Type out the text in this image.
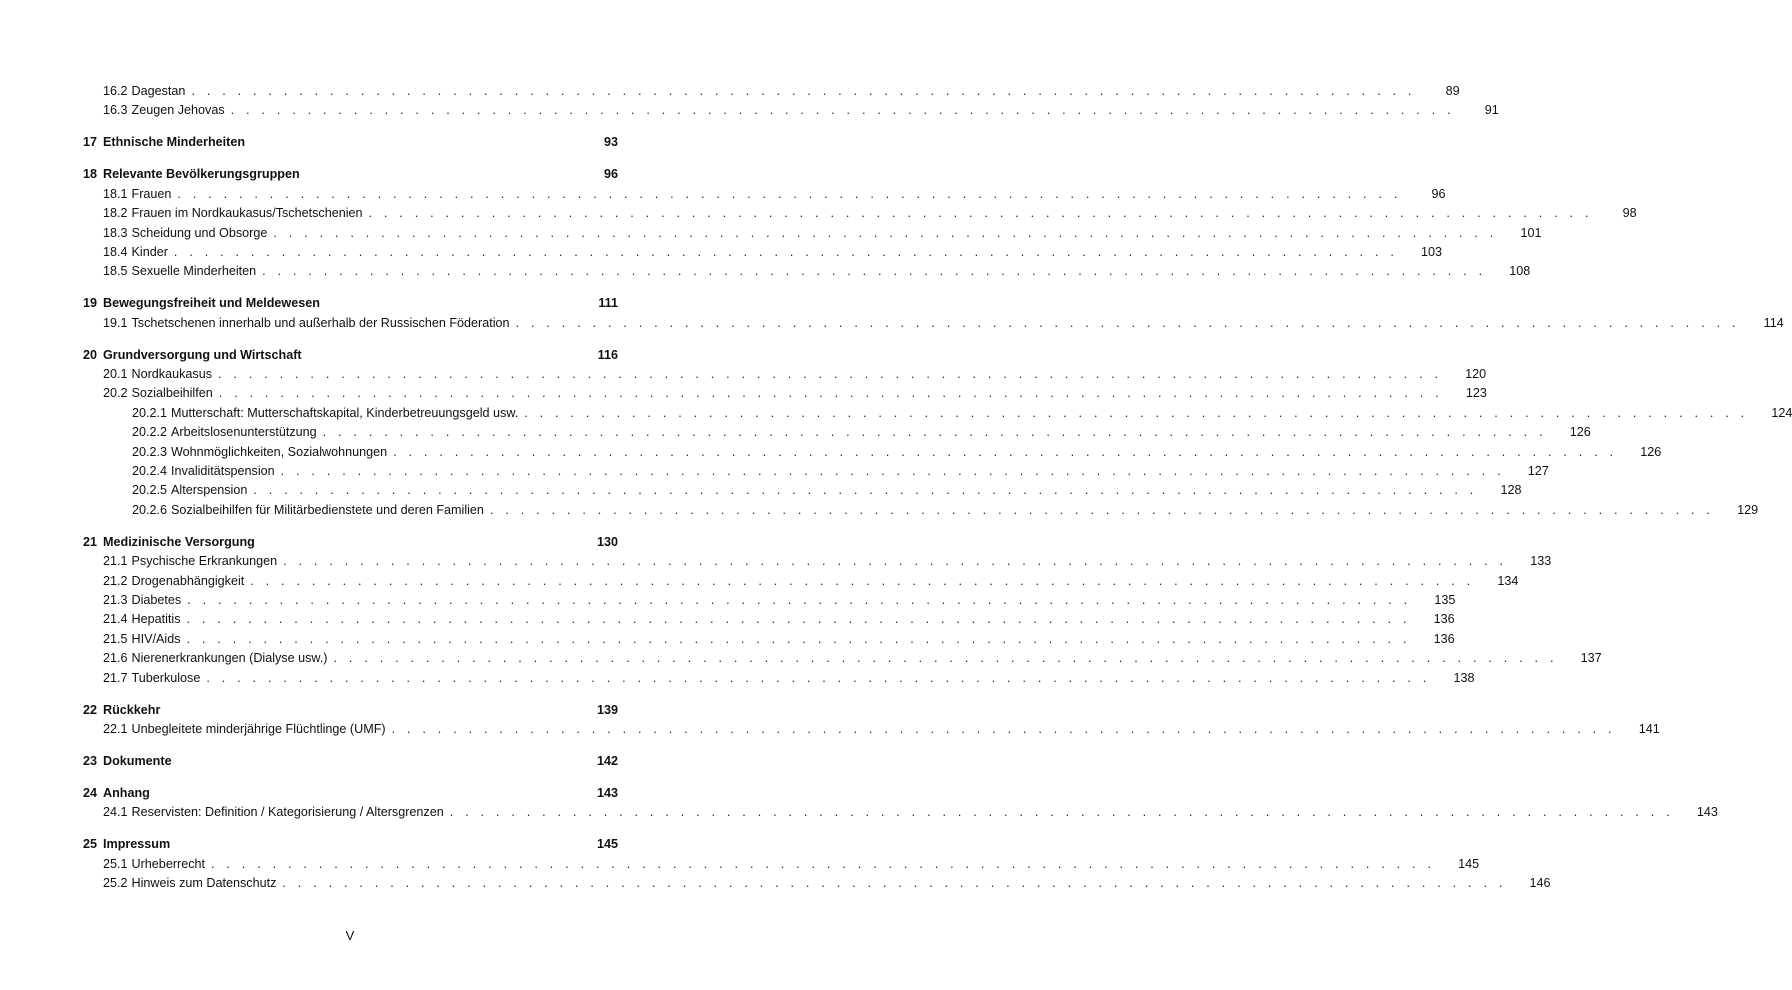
16.2 Dagestan . . . . . . . . . . . . . . . . . . . . . . . . . . . . . . . . . . . . . . . . . . . . . . . . . . . . . . . . . . . . . . . . . . . . . . . . . . . . . . . .	89
16.3 Zeugen Jehovas . . . . . . . . . . . . . . . . . . . . . . . . . . . . . . . . . . . . . . . . . . . . . . . . . . . . . . . . . . . . . . . . . . . . . . . . . . . . . . . .	91
17 Ethnische Minderheiten	93
18 Relevante Bevölkerungsgruppen	96
18.1 Frauen . . . . . . . . . . . . . . . . . . . . . . . . . . . . . . . . . . . . . . . . . . . . . . . . . . . . . . . . . . . . . . . . . . . . . . . . . . . . . . . .	96
18.2 Frauen im Nordkaukasus/Tschetschenien . . . . . . . . . . . . . . . . . . . . . . . . . . . . . . . . . . . . . . . . . . . . . . . . . . . . . . . . . . . . . . . . . . . . . . . . . . . . . . . .	98
18.3 Scheidung und Obsorge . . . . . . . . . . . . . . . . . . . . . . . . . . . . . . . . . . . . . . . . . . . . . . . . . . . . . . . . . . . . . . . . . . . . . . . . . . . . . . . .	101
18.4 Kinder . . . . . . . . . . . . . . . . . . . . . . . . . . . . . . . . . . . . . . . . . . . . . . . . . . . . . . . . . . . . . . . . . . . . . . . . . . . . . . . .	103
18.5 Sexuelle Minderheiten . . . . . . . . . . . . . . . . . . . . . . . . . . . . . . . . . . . . . . . . . . . . . . . . . . . . . . . . . . . . . . . . . . . . . . . . . . . . . . . .	108
19 Bewegungsfreiheit und Meldewesen	111
19.1 Tschetschenen innerhalb und außerhalb der Russischen Föderation . . . . . . . . . . . . . . . . . . . . . . . . . . . . . . . . . . . . . . . . . . . . . . . . . . . . . . . . . . . . . . . . . . . . . . . . . . . . . . . .	114
20 Grundversorgung und Wirtschaft	116
20.1 Nordkaukasus . . . . . . . . . . . . . . . . . . . . . . . . . . . . . . . . . . . . . . . . . . . . . . . . . . . . . . . . . . . . . . . . . . . . . . . . . . . . . . . .	120
20.2 Sozialbeihilfen . . . . . . . . . . . . . . . . . . . . . . . . . . . . . . . . . . . . . . . . . . . . . . . . . . . . . . . . . . . . . . . . . . . . . . . . . . . . . . . .	123
20.2.1 Mutterschaft: Mutterschaftskapital, Kinderbetreuungsgeld usw. . . . . . . . . . . . . . . . . . . . . . . . . . . . . . . . . . . . . . . . . . . . . . . . . . . . . . . . . . . . . . . . . . . . . . . . . . . . . . . . .	124
20.2.2 Arbeitslosenunterstützung . . . . . . . . . . . . . . . . . . . . . . . . . . . . . . . . . . . . . . . . . . . . . . . . . . . . . . . . . . . . . . . . . . . . . . . . . . . . . . . .	126
20.2.3 Wohnmöglichkeiten, Sozialwohnungen . . . . . . . . . . . . . . . . . . . . . . . . . . . . . . . . . . . . . . . . . . . . . . . . . . . . . . . . . . . . . . . . . . . . . . . . . . . . . . . .	126
20.2.4 Invaliditätspension . . . . . . . . . . . . . . . . . . . . . . . . . . . . . . . . . . . . . . . . . . . . . . . . . . . . . . . . . . . . . . . . . . . . . . . . . . . . . . . .	127
20.2.5 Alterspension . . . . . . . . . . . . . . . . . . . . . . . . . . . . . . . . . . . . . . . . . . . . . . . . . . . . . . . . . . . . . . . . . . . . . . . . . . . . . . . .	128
20.2.6 Sozialbeihilfen für Militärbedienstete und deren Familien . . . . . . . . . . . . . . . . . . . . . . . . . . . . . . . . . . . . . . . . . . . . . . . . . . . . . . . . . . . . . . . . . . . . . . . . . . . . . . . .	129
21 Medizinische Versorgung	130
21.1 Psychische Erkrankungen . . . . . . . . . . . . . . . . . . . . . . . . . . . . . . . . . . . . . . . . . . . . . . . . . . . . . . . . . . . . . . . . . . . . . . . . . . . . . . . .	133
21.2 Drogenabhängigkeit . . . . . . . . . . . . . . . . . . . . . . . . . . . . . . . . . . . . . . . . . . . . . . . . . . . . . . . . . . . . . . . . . . . . . . . . . . . . . . . .	134
21.3 Diabetes . . . . . . . . . . . . . . . . . . . . . . . . . . . . . . . . . . . . . . . . . . . . . . . . . . . . . . . . . . . . . . . . . . . . . . . . . . . . . . . .	135
21.4 Hepatitis . . . . . . . . . . . . . . . . . . . . . . . . . . . . . . . . . . . . . . . . . . . . . . . . . . . . . . . . . . . . . . . . . . . . . . . . . . . . . . . .	136
21.5 HIV/Aids . . . . . . . . . . . . . . . . . . . . . . . . . . . . . . . . . . . . . . . . . . . . . . . . . . . . . . . . . . . . . . . . . . . . . . . . . . . . . . . .	136
21.6 Nierenerkrankungen (Dialyse usw.) . . . . . . . . . . . . . . . . . . . . . . . . . . . . . . . . . . . . . . . . . . . . . . . . . . . . . . . . . . . . . . . . . . . . . . . . . . . . . . . .	137
21.7 Tuberkulose . . . . . . . . . . . . . . . . . . . . . . . . . . . . . . . . . . . . . . . . . . . . . . . . . . . . . . . . . . . . . . . . . . . . . . . . . . . . . . . .	138
22 Rückkehr	139
22.1 Unbegleitete minderjährige Flüchtlinge (UMF) . . . . . . . . . . . . . . . . . . . . . . . . . . . . . . . . . . . . . . . . . . . . . . . . . . . . . . . . . . . . . . . . . . . . . . . . . . . . . . . .	141
23 Dokumente	142
24 Anhang	143
24.1 Reservisten: Definition / Kategorisierung / Altersgrenzen . . . . . . . . . . . . . . . . . . . . . . . . . . . . . . . . . . . . . . . . . . . . . . . . . . . . . . . . . . . . . . . . . . . . . . . . . . . . . . . .	143
25 Impressum	145
25.1 Urheberrecht . . . . . . . . . . . . . . . . . . . . . . . . . . . . . . . . . . . . . . . . . . . . . . . . . . . . . . . . . . . . . . . . . . . . . . . . . . . . . . . .	145
25.2 Hinweis zum Datenschutz . . . . . . . . . . . . . . . . . . . . . . . . . . . . . . . . . . . . . . . . . . . . . . . . . . . . . . . . . . . . . . . . . . . . . . . . . . . . . . . .	146
V
